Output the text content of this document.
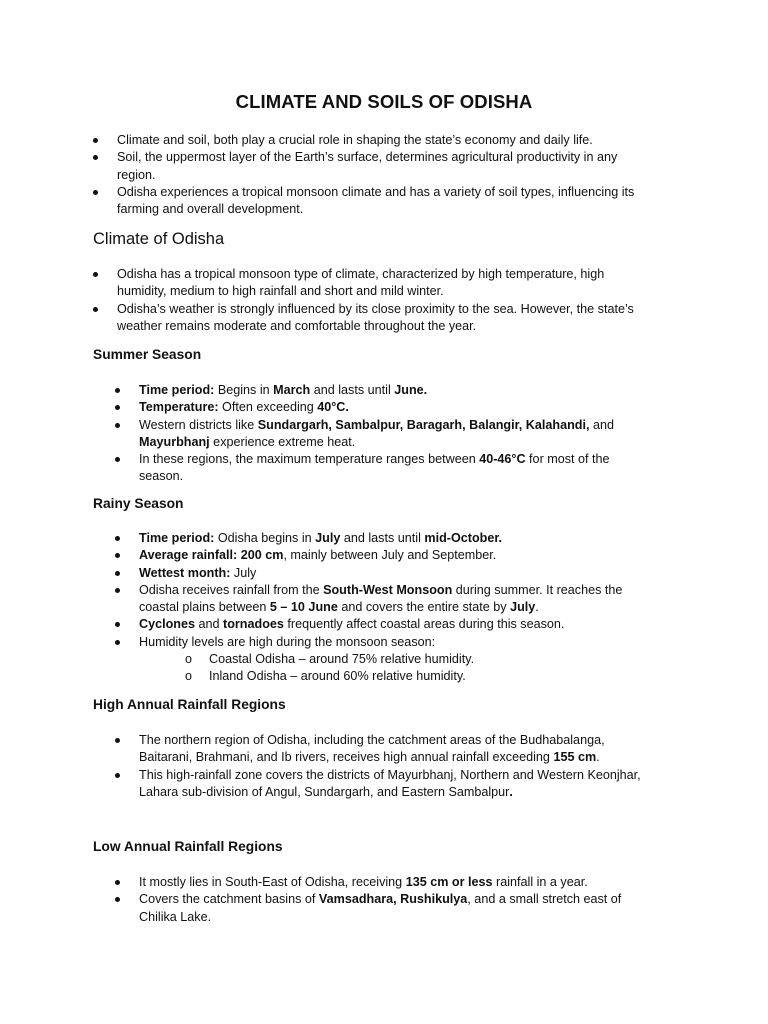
CLIMATE AND SOILS OF ODISHA
Climate and soil, both play a crucial role in shaping the state’s economy and daily life.
Soil, the uppermost layer of the Earth’s surface, determines agricultural productivity in any region.
Odisha experiences a tropical monsoon climate and has a variety of soil types, influencing its farming and overall development.
Climate of Odisha
Odisha has a tropical monsoon type of climate, characterized by high temperature, high humidity, medium to high rainfall and short and mild winter.
Odisha’s weather is strongly influenced by its close proximity to the sea. However, the state’s weather remains moderate and comfortable throughout the year.
Summer Season
Time period: Begins in March and lasts until June.
Temperature: Often exceeding 40°C.
Western districts like Sundargarh, Sambalpur, Baragarh, Balangir, Kalahandi, and Mayurbhanj experience extreme heat.
In these regions, the maximum temperature ranges between 40-46°C for most of the season.
Rainy Season
Time period: Odisha begins in July and lasts until mid-October.
Average rainfall: 200 cm, mainly between July and September.
Wettest month: July
Odisha receives rainfall from the South-West Monsoon during summer. It reaches the coastal plains between 5 – 10 June and covers the entire state by July.
Cyclones and tornadoes frequently affect coastal areas during this season.
Humidity levels are high during the monsoon season:
o Coastal Odisha – around 75% relative humidity.
o Inland Odisha – around 60% relative humidity.
High Annual Rainfall Regions
The northern region of Odisha, including the catchment areas of the Budhabalanga, Baitarani, Brahmani, and Ib rivers, receives high annual rainfall exceeding 155 cm.
This high-rainfall zone covers the districts of Mayurbhanj, Northern and Western Keonjhar, Lahara sub-division of Angul, Sundargarh, and Eastern Sambalpur.
Low Annual Rainfall Regions
It mostly lies in South-East of Odisha, receiving 135 cm or less rainfall in a year.
Covers the catchment basins of Vamsadhara, Rushikulya, and a small stretch east of Chilika Lake.
